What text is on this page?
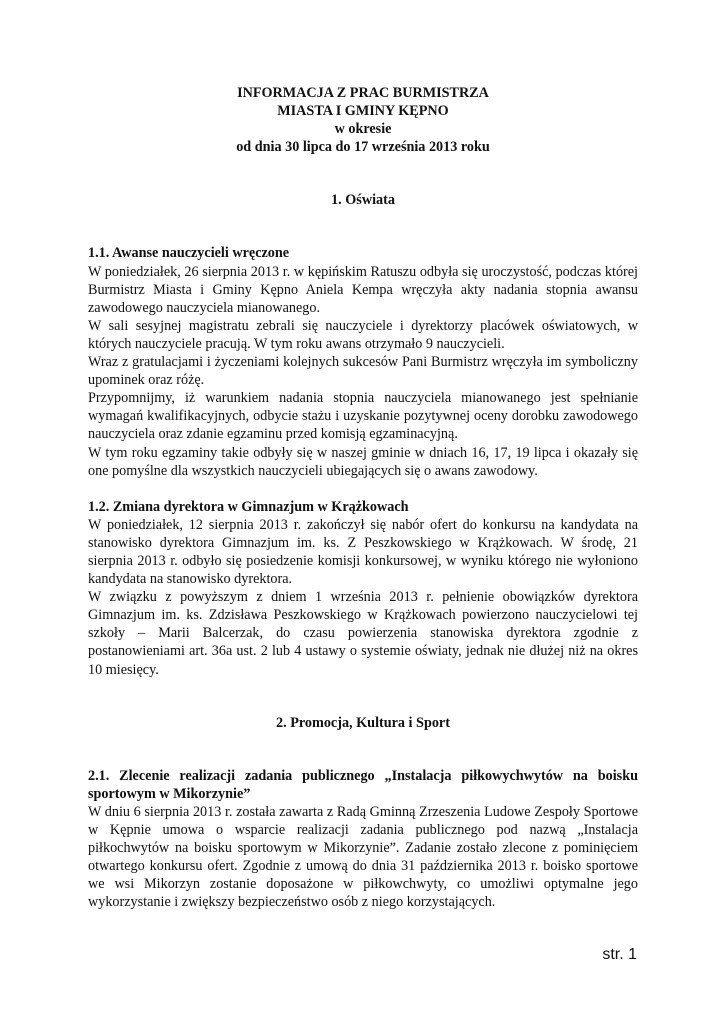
INFORMACJA Z PRAC BURMISTRZA
MIASTA I GMINY KĘPNO
w okresie
od dnia 30 lipca do 17 września 2013 roku
1. Oświata
1.1. Awanse nauczycieli wręczone
W poniedziałek, 26 sierpnia 2013 r. w kępińskim Ratuszu odbyła się uroczystość, podczas której Burmistrz Miasta i Gminy Kępno Aniela Kempa wręczyła akty nadania stopnia awansu zawodowego nauczyciela mianowanego.
W sali sesyjnej magistratu zebrali się nauczyciele i dyrektorzy placówek oświatowych, w których nauczyciele pracują. W tym roku awans otrzymało 9 nauczycieli.
Wraz z gratulacjami i życzeniami kolejnych sukcesów Pani Burmistrz wręczyła im symboliczny upominek oraz różę.
Przypomnijmy, iż warunkiem nadania stopnia nauczyciela mianowanego jest spełnianie wymagań kwalifikacyjnych, odbycie stażu i uzyskanie pozytywnej oceny dorobku zawodowego nauczyciela oraz zdanie egzaminu przed komisją egzaminacyjną.
W tym roku egzaminy takie odbyły się w naszej gminie w dniach 16, 17, 19 lipca i okazały się one pomyślne dla wszystkich nauczycieli ubiegających się o awans zawodowy.
1.2. Zmiana dyrektora w Gimnazjum w Krążkowach
W poniedziałek, 12 sierpnia 2013 r. zakończył się nabór ofert do konkursu na kandydata na stanowisko dyrektora Gimnazjum im. ks. Z Peszkowskiego w Krążkowach. W środę, 21 sierpnia 2013 r. odbyło się posiedzenie komisji konkursowej, w wyniku którego nie wyłoniono kandydata na stanowisko dyrektora.
W związku z powyższym z dniem 1 września 2013 r. pełnienie obowiązków dyrektora Gimnazjum im. ks. Zdzisława Peszkowskiego w Krążkowach powierzono nauczycielowi tej szkoły – Marii Balcerzak, do czasu powierzenia stanowiska dyrektora zgodnie z postanowieniami art. 36a ust. 2 lub 4 ustawy o systemie oświaty, jednak nie dłużej niż na okres 10 miesięcy.
2. Promocja, Kultura i Sport
2.1. Zlecenie realizacji zadania publicznego „Instalacja piłkowychwytów na boisku sportowym w Mikorzynie”
W dniu 6 sierpnia 2013 r. została zawarta z Radą Gminną Zrzeszenia Ludowe Zespoły Sportowe w Kępnie umowa o wsparcie realizacji zadania publicznego pod nazwą „Instalacja piłkochwytów na boisku sportowym w Mikorzynie”. Zadanie zostało zlecone z pominięciem otwartego konkursu ofert. Zgodnie z umową do dnia 31 października 2013 r. boisko sportowe we wsi Mikorzyn zostanie doposażone w piłkowchwyty, co umożliwi optymalne jego wykorzystanie i zwiększy bezpieczeństwo osób z niego korzystających.
str. 1
